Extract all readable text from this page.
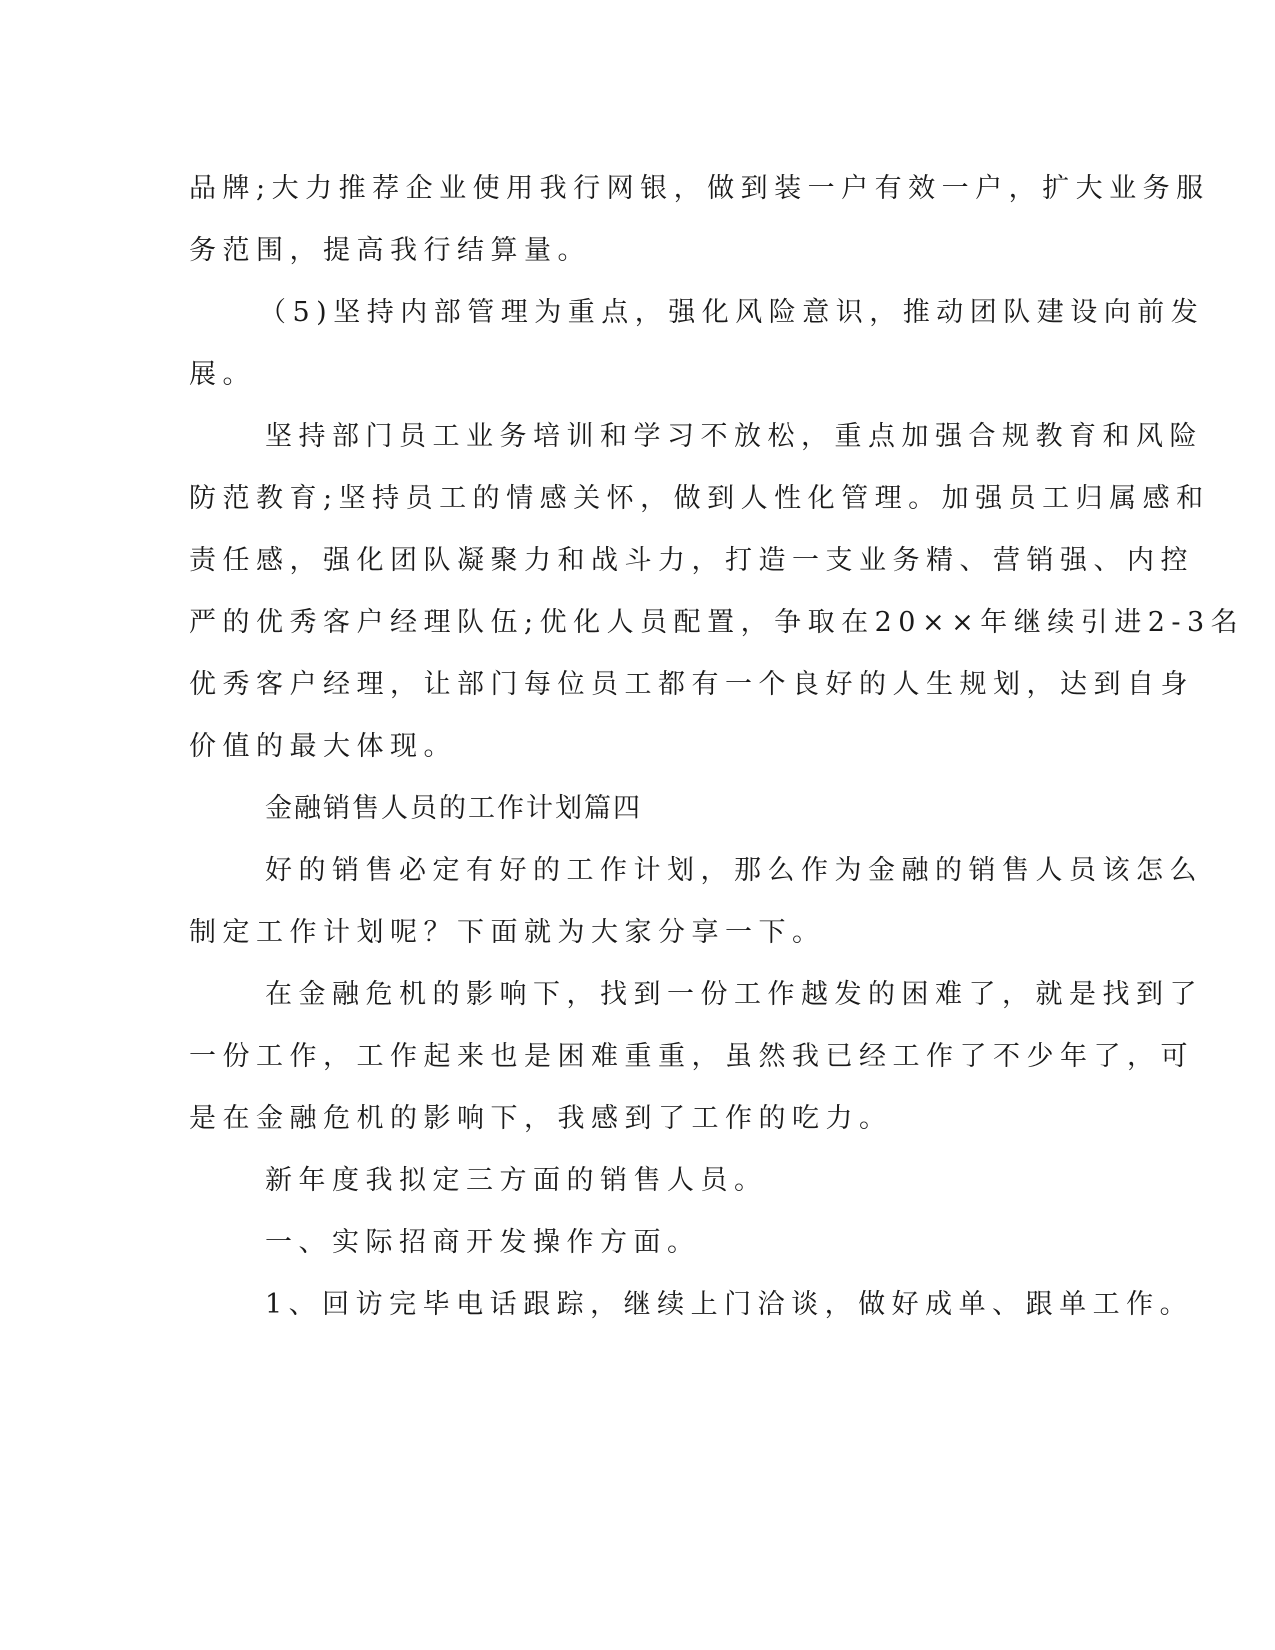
品牌;大力推荐企业使用我行网银，做到装一户有效一户，扩大业务服

务范围，提高我行结算量。

（5)坚持内部管理为重点，强化风险意识，推动团队建设向前发

展。

坚持部门员工业务培训和学习不放松，重点加强合规教育和风险

防范教育;坚持员工的情感关怀，做到人性化管理。加强员工归属感和

责任感，强化团队凝聚力和战斗力，打造一支业务精、营销强、内控

严的优秀客户经理队伍;优化人员配置，争取在20××年继续引进2-3名

优秀客户经理，让部门每位员工都有一个良好的人生规划，达到自身

价值的最大体现。

金融销售人员的工作计划篇四

好的销售必定有好的工作计划，那么作为金融的销售人员该怎么

制定工作计划呢？下面就为大家分享一下。

在金融危机的影响下，找到一份工作越发的困难了，就是找到了

一份工作，工作起来也是困难重重，虽然我已经工作了不少年了，可

是在金融危机的影响下，我感到了工作的吃力。

新年度我拟定三方面的销售人员。

一、实际招商开发操作方面。

1、回访完毕电话跟踪，继续上门洽谈，做好成单、跟单工作。
